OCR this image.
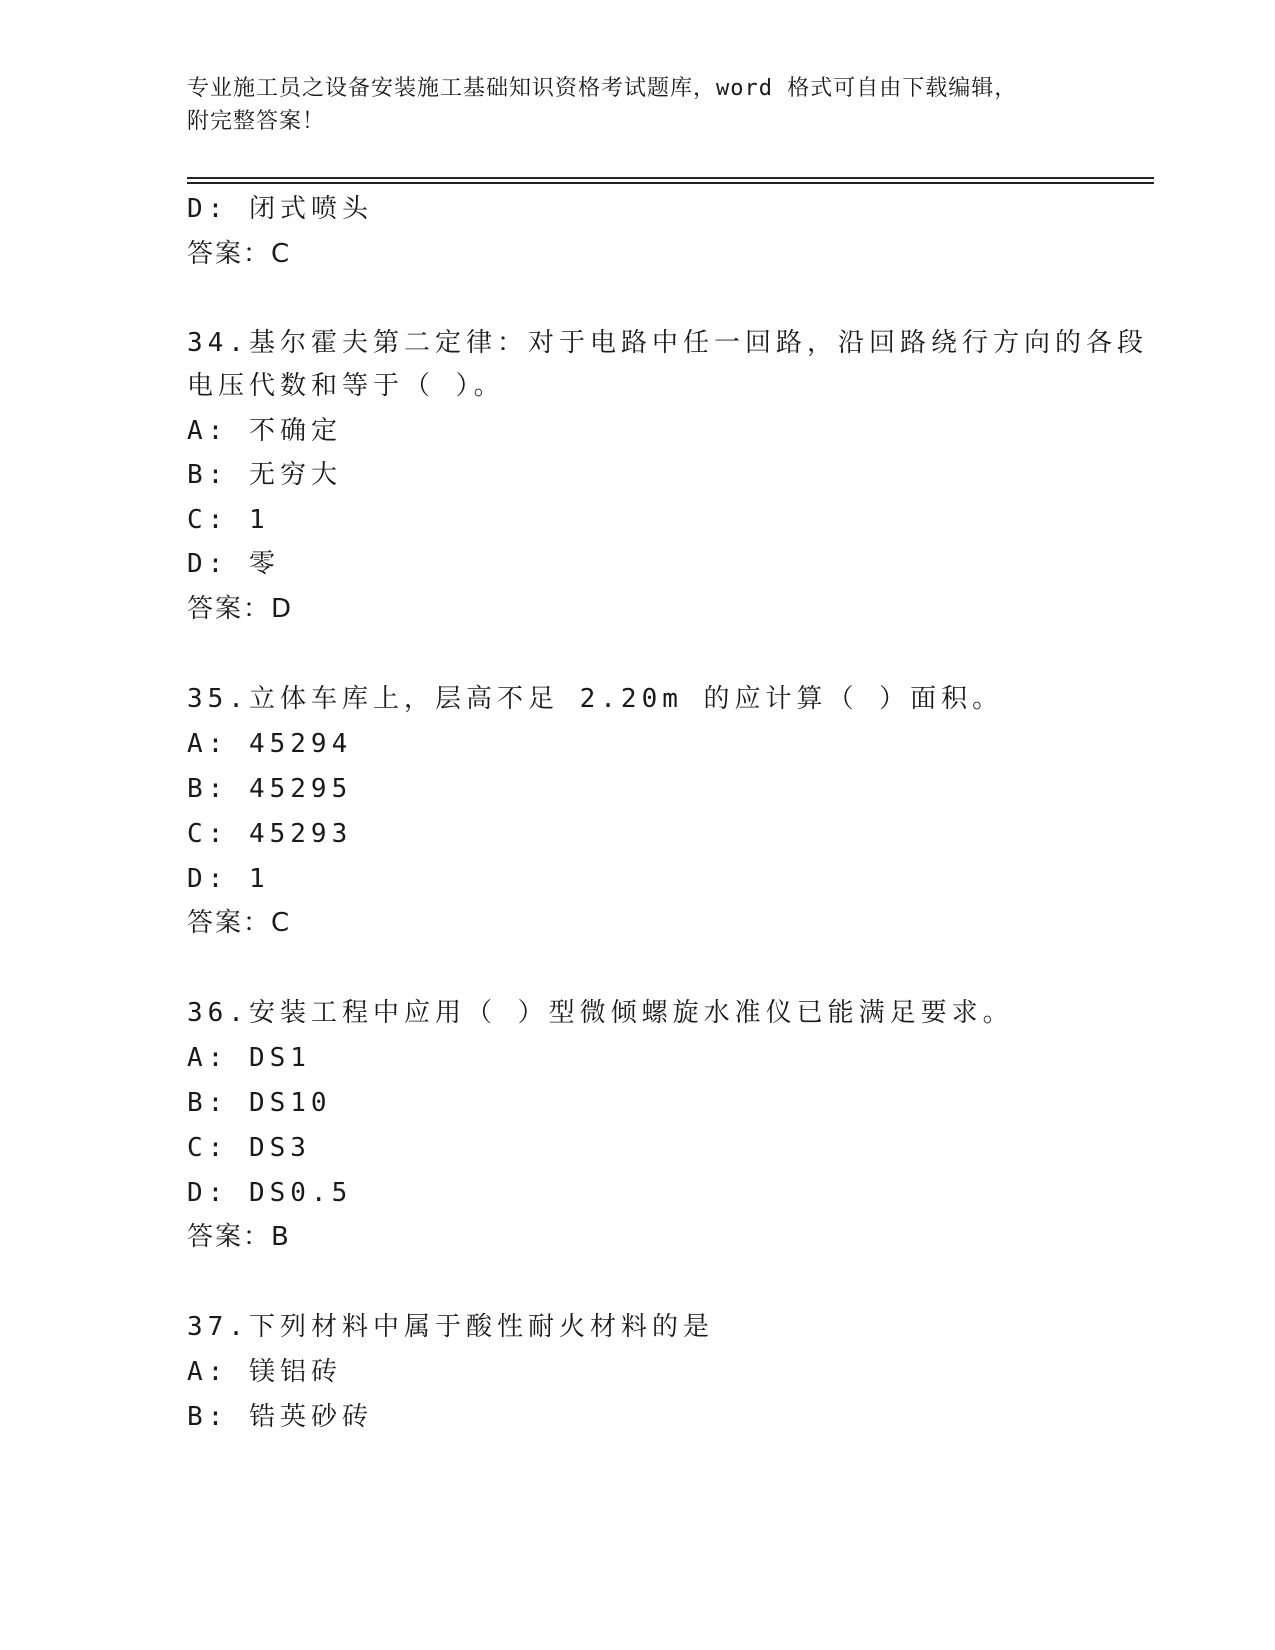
专业施工员之设备安装施工基础知识资格考试题库，word 格式可自由下载编辑，
附完整答案！
D: 闭式喷头
答案：C
34.基尔霍夫第二定律：对于电路中任一回路，沿回路绕行方向的各段
电压代数和等于（ ）。
A: 不确定
B: 无穷大
C: 1
D: 零
答案：D
35.立体车库上，层高不足 2.20m 的应计算（ ）面积。
A: 45294
B: 45295
C: 45293
D: 1
答案：C
36.安装工程中应用（ ）型微倾螺旋水准仪已能满足要求。
A: DS1
B: DS10
C: DS3
D: DS0.5
答案：B
37.下列材料中属于酸性耐火材料的是
A: 镁铝砖
B: 锆英砂砖
